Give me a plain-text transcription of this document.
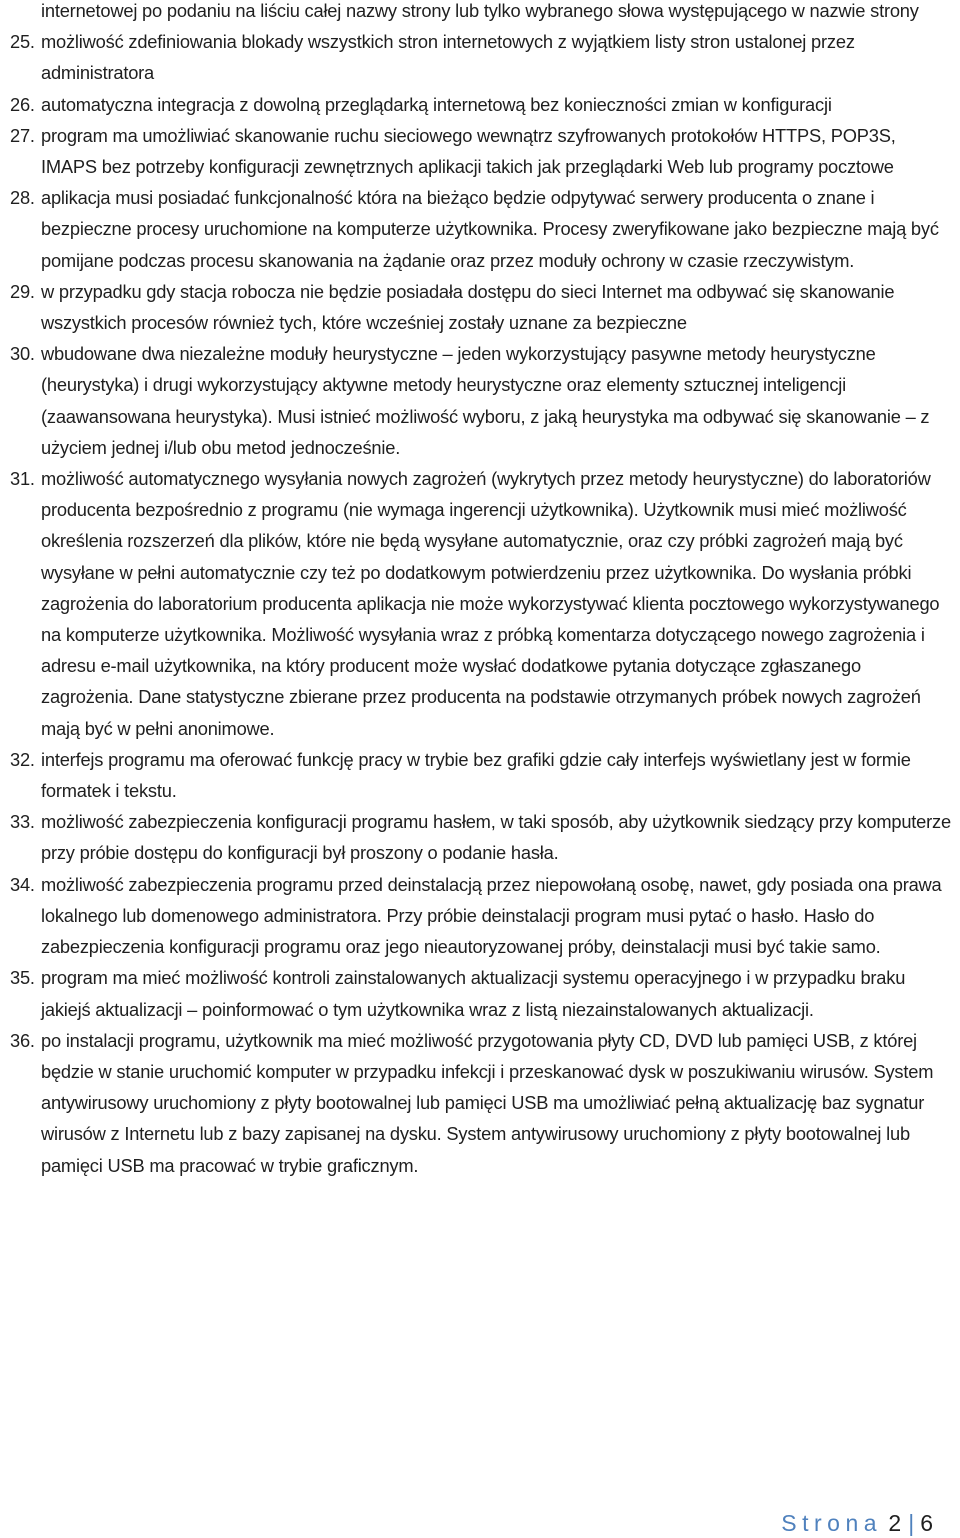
internetowej po podaniu na liściu całej nazwy strony lub tylko wybranego słowa występującego w nazwie strony
25. możliwość zdefiniowania blokady wszystkich stron internetowych z wyjątkiem listy stron ustalonej przez administratora
26. automatyczna integracja z dowolną przeglądarką internetową bez konieczności zmian w konfiguracji
27. program ma umożliwiać skanowanie ruchu sieciowego wewnątrz szyfrowanych protokołów HTTPS, POP3S, IMAPS bez potrzeby konfiguracji zewnętrznych aplikacji takich jak przeglądarki Web lub programy pocztowe
28. aplikacja musi posiadać funkcjonalność która na bieżąco będzie odpytywać serwery producenta o znane i bezpieczne procesy uruchomione na komputerze użytkownika. Procesy zweryfikowane jako bezpieczne mają być pomijane podczas procesu skanowania na żądanie oraz przez moduły ochrony w czasie rzeczywistym.
29. w przypadku gdy stacja robocza nie będzie posiadała dostępu do sieci Internet ma odbywać się skanowanie wszystkich procesów również tych, które wcześniej zostały uznane za bezpieczne
30. wbudowane dwa niezależne moduły heurystyczne – jeden wykorzystujący pasywne metody heurystyczne (heurystyka) i drugi wykorzystujący aktywne metody heurystyczne oraz elementy sztucznej inteligencji (zaawansowana heurystyka). Musi istnieć możliwość wyboru, z jaką heurystyka ma odbywać się skanowanie – z użyciem jednej i/lub obu metod jednocześnie.
31. możliwość automatycznego wysyłania nowych zagrożeń (wykrytych przez metody heurystyczne) do laboratoriów producenta bezpośrednio z programu (nie wymaga ingerencji użytkownika). Użytkownik musi mieć możliwość określenia rozszerzeń dla plików, które nie będą wysyłane automatycznie, oraz czy próbki zagrożeń mają być wysyłane w pełni automatycznie czy też po dodatkowym potwierdzeniu przez użytkownika. Do wysłania próbki zagrożenia do laboratorium producenta aplikacja nie może wykorzystywać klienta pocztowego wykorzystywanego na komputerze użytkownika. Możliwość wysyłania wraz z próbką komentarza dotyczącego nowego zagrożenia i adresu e-mail użytkownika, na który producent może wysłać dodatkowe pytania dotyczące zgłaszanego zagrożenia. Dane statystyczne zbierane przez producenta na podstawie otrzymanych próbek nowych zagrożeń mają być w pełni anonimowe.
32. interfejs programu ma oferować funkcję pracy w trybie bez grafiki gdzie cały interfejs wyświetlany jest w formie formatek i tekstu.
33. możliwość zabezpieczenia konfiguracji programu hasłem, w taki sposób, aby użytkownik siedzący przy komputerze przy próbie dostępu do konfiguracji był proszony o podanie hasła.
34. możliwość zabezpieczenia programu przed deinstalacją przez niepowołaną osobę, nawet, gdy posiada ona prawa lokalnego lub domenowego administratora. Przy próbie deinstalacji program musi pytać o hasło. Hasło do zabezpieczenia konfiguracji programu oraz jego nieautoryzowanej próby, deinstalacji musi być takie samo.
35. program ma mieć możliwość kontroli zainstalowanych aktualizacji systemu operacyjnego i w przypadku braku jakiejś aktualizacji – poinformować o tym użytkownika wraz z listą niezainstalowanych aktualizacji.
36. po instalacji programu, użytkownik ma mieć możliwość przygotowania płyty CD, DVD lub pamięci USB, z której będzie w stanie uruchomić komputer w przypadku infekcji i przeskanować dysk w poszukiwaniu wirusów. System antywirusowy uruchomiony z płyty bootowalnej lub pamięci USB ma umożliwiać pełną aktualizację baz sygnatur wirusów z Internetu lub z bazy zapisanej na dysku. System antywirusowy uruchomiony z płyty bootowalnej lub pamięci USB ma pracować w trybie graficznym.
Strona 2 | 6
